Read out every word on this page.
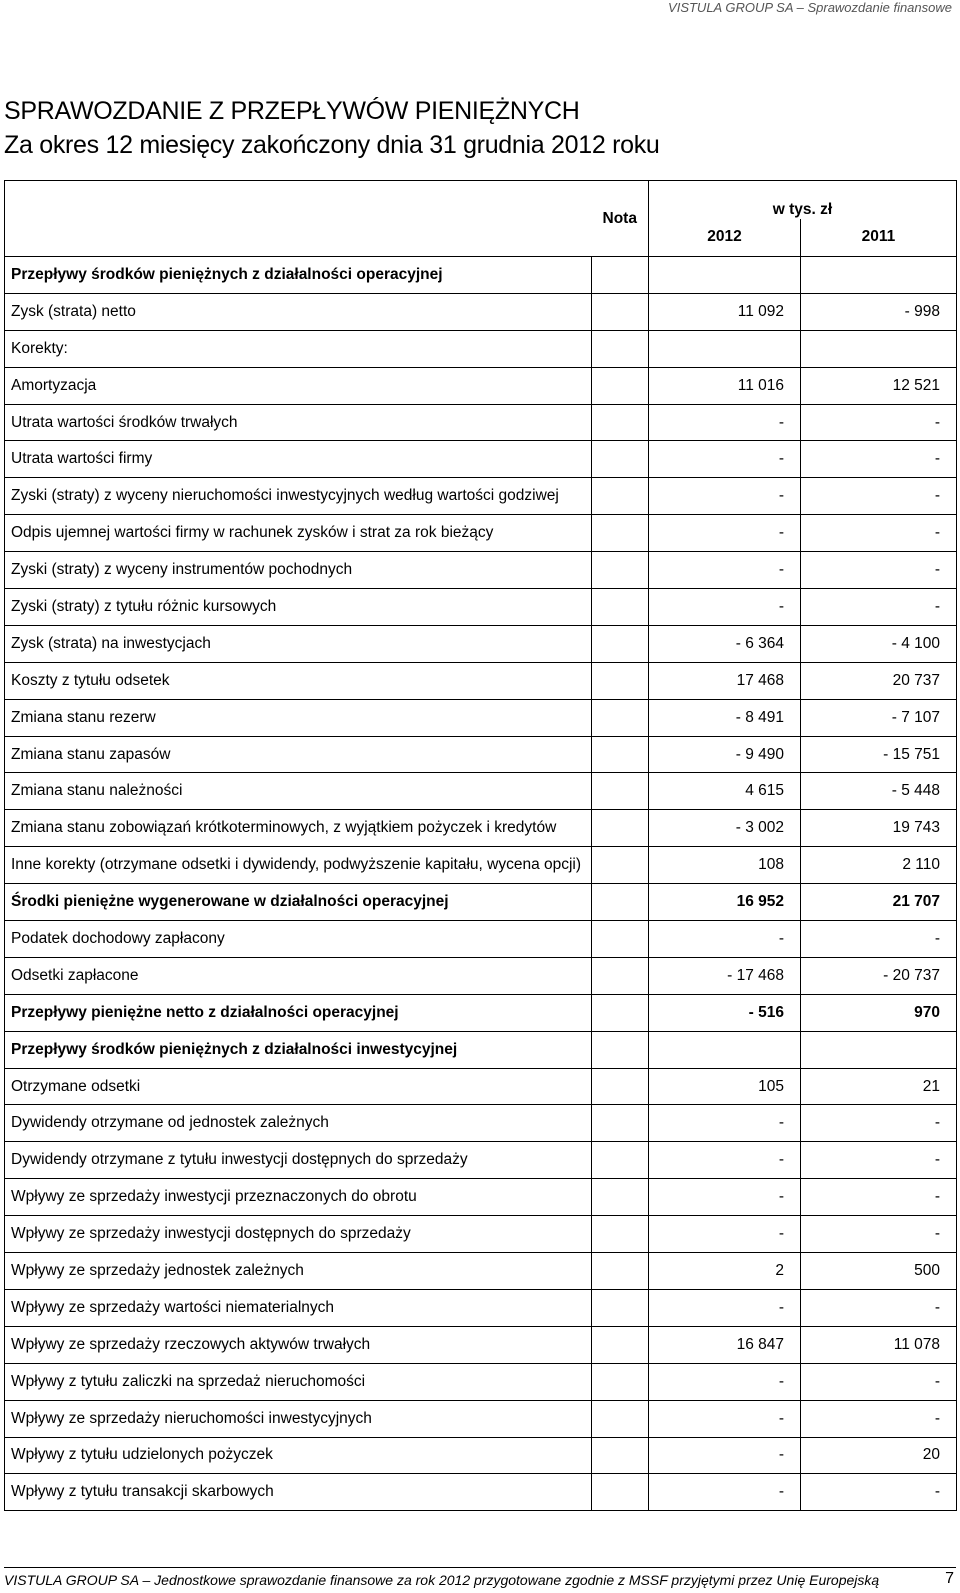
VISTULA GROUP SA – Sprawozdanie finansowe
SPRAWOZDANIE Z PRZEPŁYWÓW PIENIĘŻNYCH
Za okres 12 miesięcy zakończony dnia 31 grudnia 2012 roku
	Nota	w tys. zł	
		2012	2011
Przepływy środków pieniężnych z działalności operacyjnej			
Zysk (strata) netto		11 092	- 998
Korekty:			
Amortyzacja		11 016	12 521
Utrata wartości środków trwałych		-	-
Utrata wartości firmy		-	-
Zyski (straty) z wyceny nieruchomości inwestycyjnych według wartości godziwej		-	-
Odpis ujemnej wartości firmy w rachunek zysków i strat za rok bieżący		-	-
Zyski (straty) z wyceny instrumentów pochodnych		-	-
Zyski (straty) z tytułu różnic kursowych		-	-
Zysk (strata) na inwestycjach		- 6 364	- 4 100
Koszty z tytułu odsetek		17 468	20 737
Zmiana stanu rezerw		- 8 491	- 7 107
Zmiana stanu zapasów		- 9 490	- 15 751
Zmiana stanu należności		4 615	- 5 448
Zmiana stanu zobowiązań krótkoterminowych, z wyjątkiem pożyczek i kredytów		- 3 002	19 743
Inne korekty (otrzymane odsetki i dywidendy, podwyższenie kapitału, wycena opcji)		108	2 110
Środki pieniężne wygenerowane w działalności operacyjnej		16 952	21 707
Podatek dochodowy zapłacony		-	-
Odsetki zapłacone		- 17 468	- 20 737
Przepływy pieniężne netto z działalności operacyjnej		- 516	970
Przepływy środków pieniężnych z działalności inwestycyjnej			
Otrzymane odsetki		105	21
Dywidendy otrzymane od jednostek zależnych		-	-
Dywidendy otrzymane z tytułu inwestycji dostępnych do sprzedaży		-	-
Wpływy ze sprzedaży inwestycji przeznaczonych do obrotu		-	-
Wpływy ze sprzedaży inwestycji dostępnych do sprzedaży		-	-
Wpływy ze sprzedaży jednostek zależnych		2	500
Wpływy ze sprzedaży wartości niematerialnych		-	-
Wpływy ze sprzedaży rzeczowych aktywów trwałych		16 847	11 078
Wpływy z tytułu zaliczki na sprzedaż nieruchomości		-	-
Wpływy ze sprzedaży nieruchomości inwestycyjnych		-	-
Wpływy z tytułu udzielonych pożyczek		-	20
Wpływy z tytułu transakcji skarbowych		-	-
VISTULA GROUP SA – Jednostkowe sprawozdanie finansowe za rok 2012 przygotowane zgodnie z MSSF przyjętymi przez Unię Europejską	7
